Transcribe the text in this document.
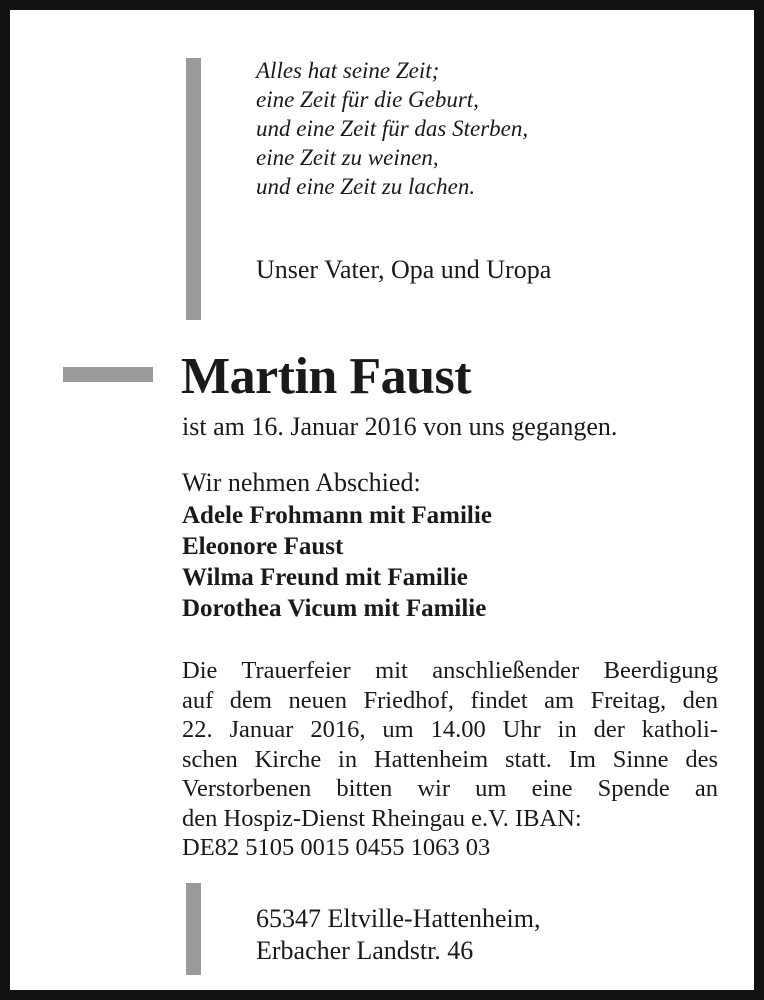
Alles hat seine Zeit;
eine Zeit für die Geburt,
und eine Zeit für das Sterben,
eine Zeit zu weinen,
und eine Zeit zu lachen.
Unser Vater, Opa und Uropa
Martin Faust
ist am 16. Januar 2016 von uns gegangen.
Wir nehmen Abschied:
Adele Frohmann mit Familie
Eleonore Faust
Wilma Freund mit Familie
Dorothea Vicum mit Familie
Die Trauerfeier mit anschließender Beerdigung
auf dem neuen Friedhof, findet am Freitag, den
22. Januar 2016, um 14.00 Uhr in der katholi-
schen Kirche in Hattenheim statt. Im Sinne des
Verstorbenen bitten wir um eine Spende an
den Hospiz-Dienst Rheingau e.V. IBAN:
DE82 5105 0015 0455 1063 03
65347 Eltville-Hattenheim,
Erbacher Landstr. 46
